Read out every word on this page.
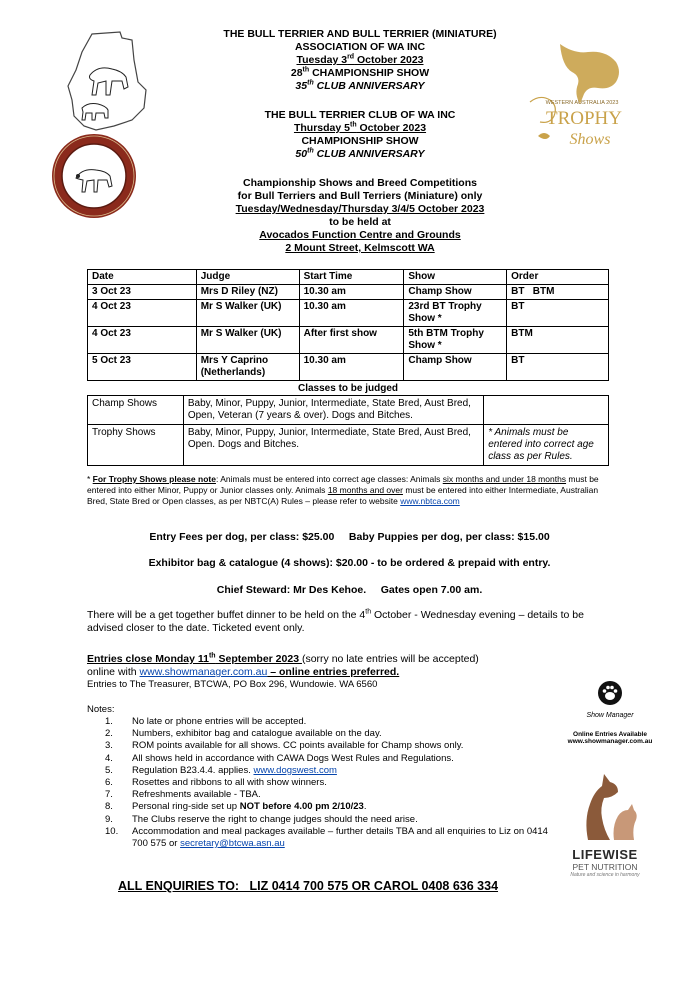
WESTERN AUSTRALIA 2023
TROPHY
Shows
THE BULL TERRIER AND BULL TERRIER (MINIATURE)
ASSOCIATION OF WA INC
Tuesday 3rd October 2023
28th CHAMPIONSHIP SHOW
35th CLUB ANNIVERSARY
THE BULL TERRIER CLUB OF WA INC
Thursday 5th October 2023
CHAMPIONSHIP SHOW
50th CLUB ANNIVERSARY
Championship Shows and Breed Competitions
for Bull Terriers and Bull Terriers (Miniature) only
Tuesday/Wednesday/Thursday 3/4/5 October 2023
to be held at
Avocados Function Centre and Grounds
2 Mount Street, Kelmscott WA
Date	Judge	Start Time	Show	Order
3 Oct 23	Mrs D Riley (NZ)	10.30 am	Champ Show	BT   BTM
4 Oct 23	Mr S Walker (UK)	10.30 am	23rd BT Trophy Show *	BT
4 Oct 23	Mr S Walker (UK)	After first show	5th BTM Trophy Show *	BTM
5 Oct 23	Mrs Y Caprino (Netherlands)	10.30 am	Champ Show	BT
Classes to be judged
Champ Shows	Baby, Minor, Puppy, Junior, Intermediate, State Bred, Aust Bred, Open, Veteran (7 years & over). Dogs and Bitches.	
Trophy Shows	Baby, Minor, Puppy, Junior, Intermediate, State Bred, Aust Bred, Open. Dogs and Bitches.	* Animals must be entered into correct age class as per Rules.
* For Trophy Shows please note: Animals must be entered into correct age classes: Animals six months and under 18 months must be entered into either Minor, Puppy or Junior classes only. Animals 18 months and over must be entered into either Intermediate, Australian Bred, State Bred or Open classes, as per NBTC(A) Rules – please refer to website www.nbtca.com
Entry Fees per dog, per class: $25.00     Baby Puppies per dog, per class: $15.00
Exhibitor bag & catalogue (4 shows): $20.00 - to be ordered & prepaid with entry.
Chief Steward: Mr Des Kehoe.     Gates open 7.00 am.
There will be a get together buffet dinner to be held on the 4th October - Wednesday evening – details to be advised closer to the date. Ticketed event only.
Entries close Monday 11th September 2023 (sorry no late entries will be accepted)
online with www.showmanager.com.au – online entries preferred.
Entries to The Treasurer, BTCWA, PO Box 296, Wundowie. WA 6560
Notes:
1.	No late or phone entries will be accepted.
2.	Numbers, exhibitor bag and catalogue available on the day.
3.	ROM points available for all shows. CC points available for Champ shows only.
4.	All shows held in accordance with CAWA Dogs West Rules and Regulations.
5.	Regulation B23.4.4. applies. www.dogswest.com
6.	Rosettes and ribbons to all with show winners.
7.	Refreshments available - TBA.
8.	Personal ring-side set up NOT before 4.00 pm 2/10/23.
9.	The Clubs reserve the right to change judges should the need arise.
10.	Accommodation and meal packages available – further details TBA and all enquiries to Liz on 0414 700 575 or secretary@btcwa.asn.au
Show Manager
Online Entries Available
www.showmanager.com.au
LIFEWISE
PET NUTRITION
Nature and science in harmony
ALL ENQUIRIES TO:   LIZ 0414 700 575 OR CAROL 0408 636 334
